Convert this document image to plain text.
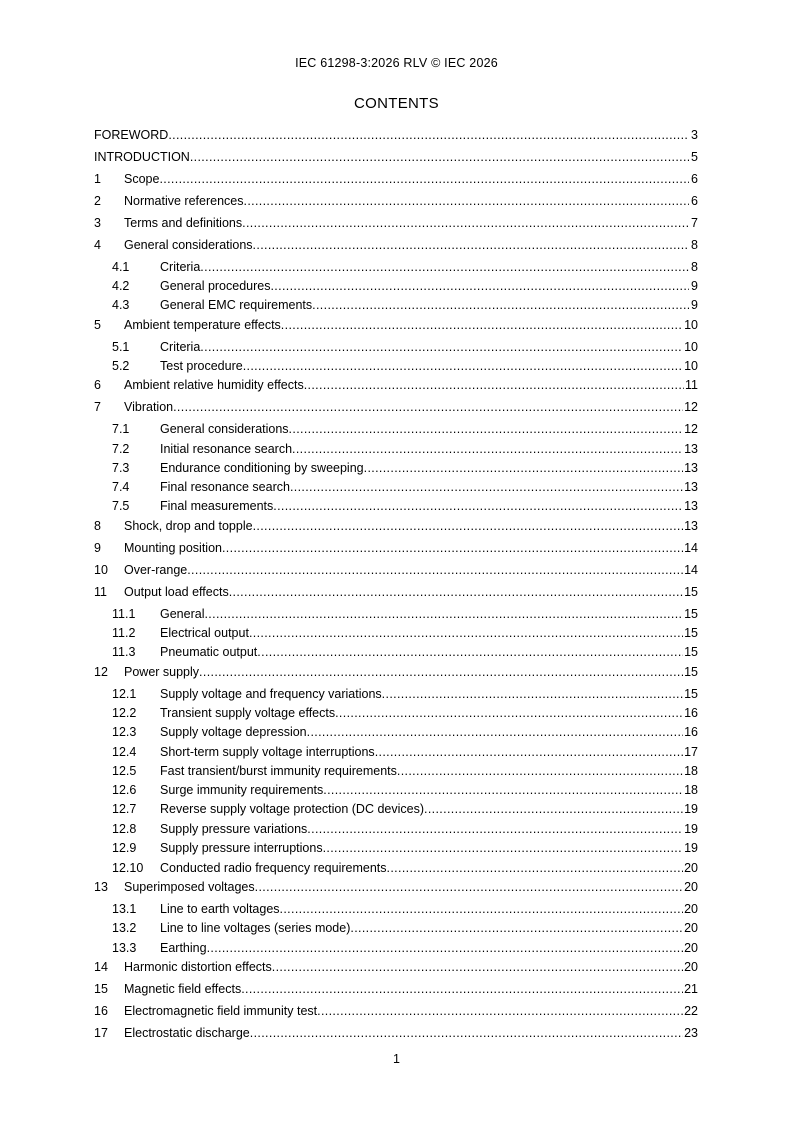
IEC 61298-3:2026 RLV © IEC 2026
CONTENTS
FOREWORD .....	3
INTRODUCTION .....	5
1	Scope .....	6
2	Normative references .....	6
3	Terms and definitions .....	7
4	General considerations .....	8
4.1	Criteria .....	8
4.2	General procedures .....	9
4.3	General EMC requirements .....	9
5	Ambient temperature effects .....	10
5.1	Criteria .....	10
5.2	Test procedure .....	10
6	Ambient relative humidity effects .....	11
7	Vibration .....	12
7.1	General considerations .....	12
7.2	Initial resonance search .....	13
7.3	Endurance conditioning by sweeping .....	13
7.4	Final resonance search .....	13
7.5	Final measurements .....	13
8	Shock, drop and topple .....	13
9	Mounting position .....	14
10	Over-range .....	14
11	Output load effects .....	15
11.1	General .....	15
11.2	Electrical output .....	15
11.3	Pneumatic output .....	15
12	Power supply .....	15
12.1	Supply voltage and frequency variations .....	15
12.2	Transient supply voltage effects .....	16
12.3	Supply voltage depression .....	16
12.4	Short-term supply voltage interruptions .....	17
12.5	Fast transient/burst immunity requirements .....	18
12.6	Surge immunity requirements .....	18
12.7	Reverse supply voltage protection (DC devices) .....	19
12.8	Supply pressure variations .....	19
12.9	Supply pressure interruptions .....	19
12.10	Conducted radio frequency requirements .....	20
13	Superimposed voltages .....	20
13.1	Line to earth voltages .....	20
13.2	Line to line voltages (series mode) .....	20
13.3	Earthing .....	20
14	Harmonic distortion effects .....	20
15	Magnetic field effects .....	21
16	Electromagnetic field immunity test .....	22
17	Electrostatic discharge .....	23
1
